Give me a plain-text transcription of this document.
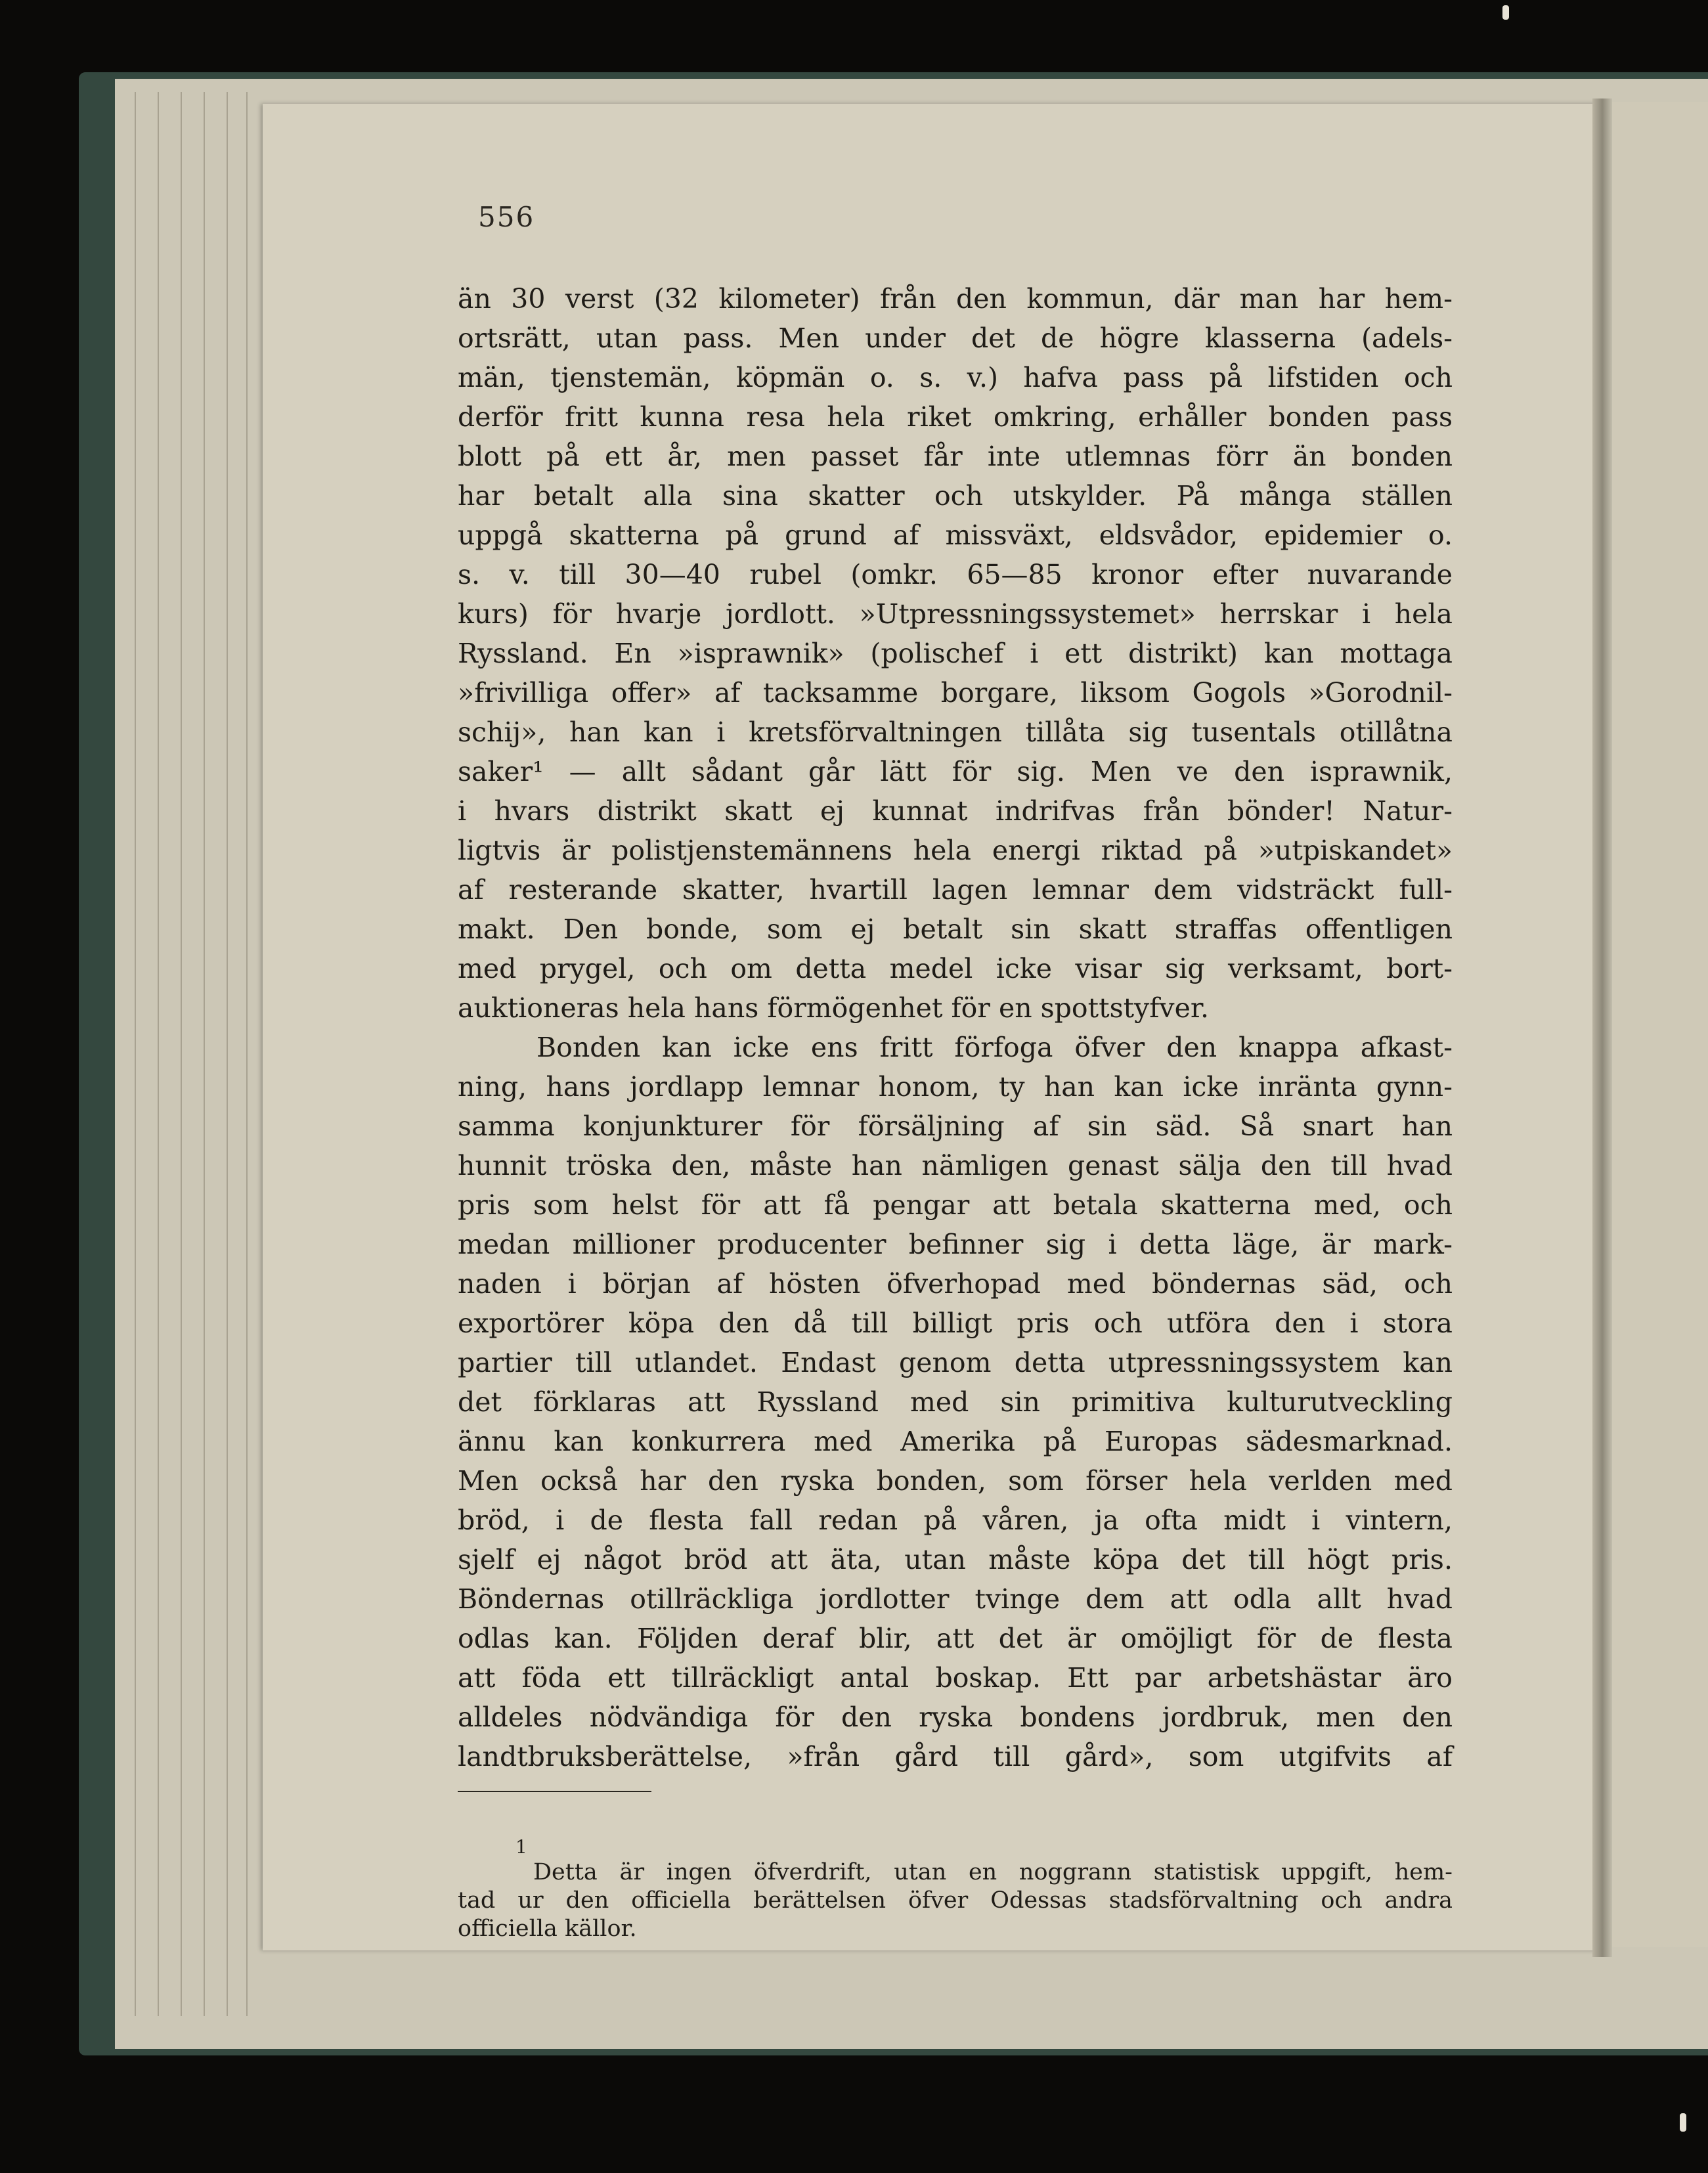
556
än 30 verst (32 kilometer) från den kommun, där man har hem-
ortsrätt, utan pass. Men under det de högre klasserna (adels-
män, tjenstemän, köpmän o. s. v.) hafva pass på lifstiden och
derför fritt kunna resa hela riket omkring, erhåller bonden pass
blott på ett år, men passet får inte utlemnas förr än bonden
har betalt alla sina skatter och utskylder. På många ställen
uppgå skatterna på grund af missväxt, eldsvådor, epidemier o.
s. v. till 30—40 rubel (omkr. 65—85 kronor efter nuvarande
kurs) för hvarje jordlott. »Utpressningssystemet» herrskar i hela
Ryssland. En »isprawnik» (polischef i ett distrikt) kan mottaga
»frivilliga offer» af tacksamme borgare, liksom Gogols »Gorodnil-
schij», han kan i kretsförvaltningen tillåta sig tusentals otillåtna
saker¹ — allt sådant går lätt för sig. Men ve den isprawnik,
i hvars distrikt skatt ej kunnat indrifvas från bönder! Natur-
ligtvis är polistjenstemännens hela energi riktad på »utpiskandet»
af resterande skatter, hvartill lagen lemnar dem vidsträckt full-
makt. Den bonde, som ej betalt sin skatt straffas offentligen
med prygel, och om detta medel icke visar sig verksamt, bort-
auktioneras hela hans förmögenhet för en spottstyfver.
Bonden kan icke ens fritt förfoga öfver den knappa afkast-
ning, hans jordlapp lemnar honom, ty han kan icke inränta gynn-
samma konjunkturer för försäljning af sin säd. Så snart han
hunnit tröska den, måste han nämligen genast sälja den till hvad
pris som helst för att få pengar att betala skatterna med, och
medan millioner producenter befinner sig i detta läge, är mark-
naden i början af hösten öfverhopad med böndernas säd, och
exportörer köpa den då till billigt pris och utföra den i stora
partier till utlandet. Endast genom detta utpressningssystem kan
det förklaras att Ryssland med sin primitiva kulturutveckling
ännu kan konkurrera med Amerika på Europas sädesmarknad.
Men också har den ryska bonden, som förser hela verlden med
bröd, i de flesta fall redan på våren, ja ofta midt i vintern,
sjelf ej något bröd att äta, utan måste köpa det till högt pris.
Böndernas otillräckliga jordlotter tvinge dem att odla allt hvad
odlas kan. Följden deraf blir, att det är omöjligt för de flesta
att föda ett tillräckligt antal boskap. Ett par arbetshästar äro
alldeles nödvändiga för den ryska bondens jordbruk, men den
landtbruksberättelse, »från gård till gård», som utgifvits af
Detta är ingen öfverdrift, utan en noggrann statistisk uppgift, hem-
tad ur den officiella berättelsen öfver Odessas stadsförvaltning och andra
officiella källor.
1
